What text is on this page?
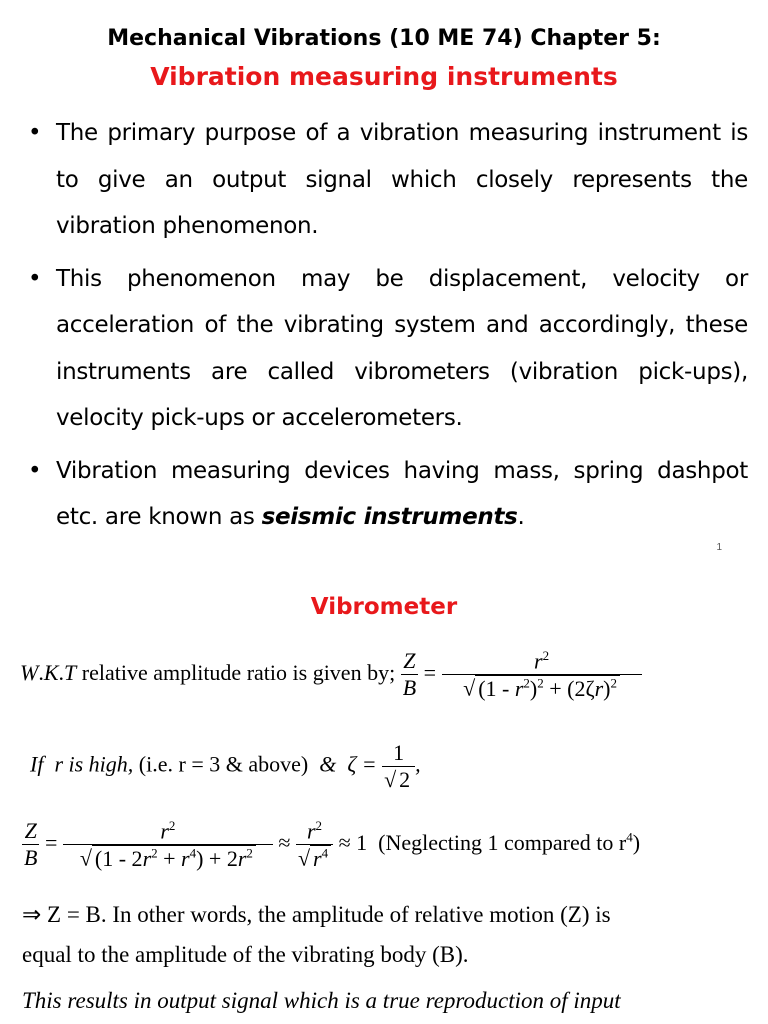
Mechanical Vibrations (10 ME 74) Chapter 5:
Vibration measuring instruments
• The primary purpose of a vibration measuring instrument is to give an output signal which closely represents the vibration phenomenon.
• This phenomenon may be displacement, velocity or acceleration of the vibrating system and accordingly, these instruments are called vibrometers (vibration pick-ups), velocity pick-ups or accelerometers.
• Vibration measuring devices having mass, spring dashpot etc. are known as seismic instruments.
1
Vibrometer
W.K.T relative amplitude ratio is given by; $\frac{Z}{B} = \frac{r^2}{√ (1 - r^2)^2 + (2\zeta r)^2}$
If  r is high, (i.e. r = 3 & above)  &  $\zeta = \frac{1}{√ 2}$ ,
$\frac{Z}{B} = \frac{r^2}{√ (1 - 2r^2 + r^4) + 2r^2} \approx \frac{r^2}{√ r^4} \approx 1$  (Neglecting 1 compared to $r^4$)

⇒ Z = B. In other words, the amplitude of relative motion (Z) is

equal to the amplitude of the vibrating body (B).

This results in output signal which is a true reproduction of input
